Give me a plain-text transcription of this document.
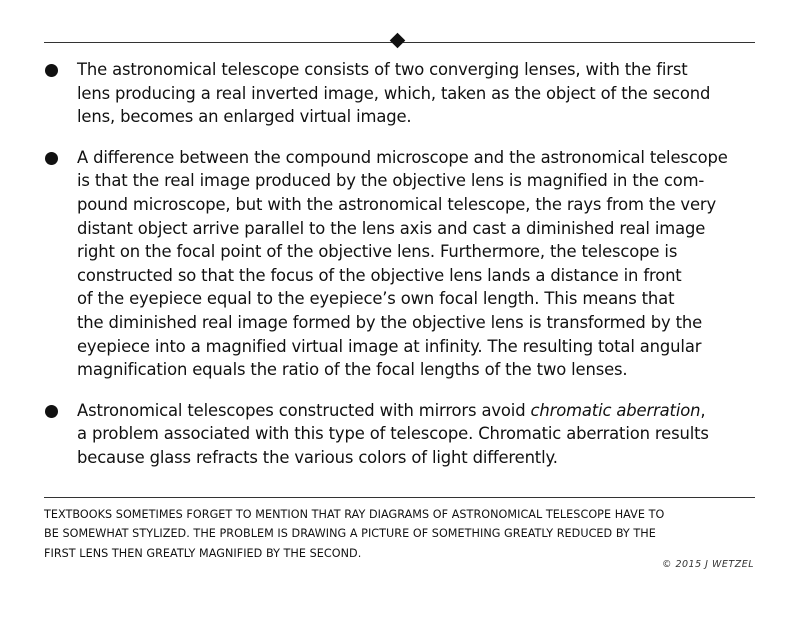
The astronomical telescope consists of two converging lenses, with the first
lens producing a real inverted image, which, taken as the object of the second
lens, becomes an enlarged virtual image.
A difference between the compound microscope and the astronomical telescope
is that the real image produced by the objective lens is magnified in the com-
pound microscope, but with the astronomical telescope, the rays from the very
distant object arrive parallel to the lens axis and cast a diminished real image
right on the focal point of the objective lens. Furthermore, the telescope is
constructed so that the focus of the objective lens lands a distance in front
of the eyepiece equal to the eyepiece’s own focal length. This means that
the diminished real image formed by the objective lens is transformed by the
eyepiece into a magnified virtual image at infinity. The resulting total angular
magnification equals the ratio of the focal lengths of the two lenses.
Astronomical telescopes constructed with mirrors avoid chromatic aberration,
a problem associated with this type of telescope. Chromatic aberration results
because glass refracts the various colors of light differently.
TEXTBOOKS SOMETIMES FORGET TO MENTION THAT RAY DIAGRAMS OF ASTRONOMICAL TELESCOPE HAVE TO
BE SOMEWHAT STYLIZED. THE PROBLEM IS DRAWING A PICTURE OF SOMETHING GREATLY REDUCED BY THE
FIRST LENS THEN GREATLY MAGNIFIED BY THE SECOND.
© 2015 J WETZEL
